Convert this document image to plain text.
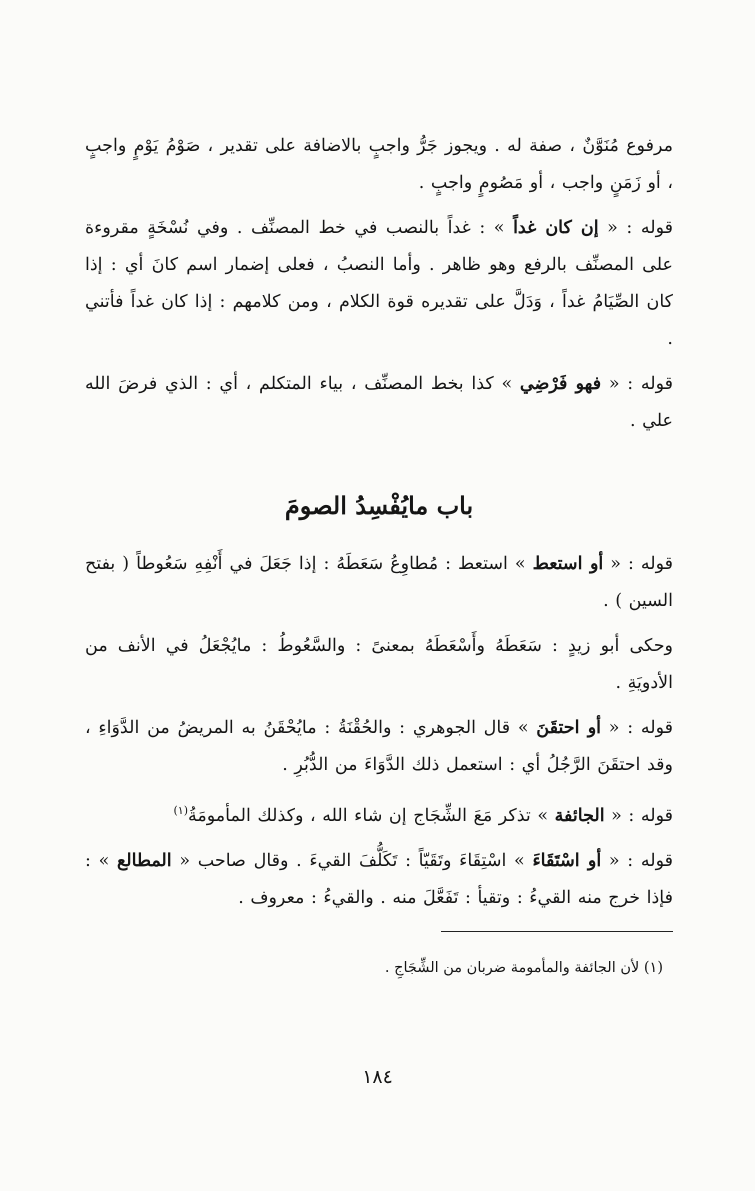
مرفوع مُنَوَّنٌ ، صفة له . ويجوز جَرُّ واجبٍ بالاضافة على تقدير ، صَوْمُ يَوْمٍ واجبٍ ، أو زَمَنٍ واجب ، أو مَصُومٍ واجبٍ .

قوله : « إن كان غداً » : غداً بالنصب في خط المصنِّف . وفي نُسْخَةٍ مقروءة على المصنِّف بالرفع وهو ظاهر . وأما النصبُ ، فعلى إضمار اسم كانَ أي : إذا كان الصِّيَامُ غداً ، وَدَلَّ على تقديره قوة الكلام ، ومن كلامهم : إذا كان غداً فأتني .

قوله : « فهو فَرْضِي » كذا بخط المصنِّف ، بياء المتكلم ، أي : الذي فرضَ الله علي .

باب مايُفْسِدُ الصومَ

قوله : « أو استعط » استعط : مُطاوِعُ سَعَطَهُ : إذا جَعَلَ في أَنْفِهِ سَعُوطاً ( بفتح السين ) .

وحكى أبو زيدٍ : سَعَطَهُ وأَسْعَطَهُ بمعنىً : والسَّعُوطُ : مايُجْعَلُ في الأنف من الأدويَةِ .

قوله : « أو احتقَنَ » قال الجوهري : والحُقْنَةُ : مايُحْقَنُ به المريضُ من الدَّوَاءِ ، وقد احتقَنَ الرَّجُلُ أي : استعمل ذلك الدَّوَاءَ من الدُّبُرِ .

قوله : « الجائفة » تذكر مَعَ الشِّجَاج إن شاء الله ، وكذلك المأمومَةُ$^{(١)}$

قوله : « أو اسْتَقَاءَ » اسْتِقَاءَ وتَقَيّاً : تَكَلُّفَ القيءَ . وقال صاحب « المطالع » : فإذا خرج منه القيءُ : وتقيأ : تَفَعَّلَ منه . والقيءُ : معروف .

(١) لأن الجائفة والمأمومة ضربان من الشِّجَاجِ .
١٨٤
